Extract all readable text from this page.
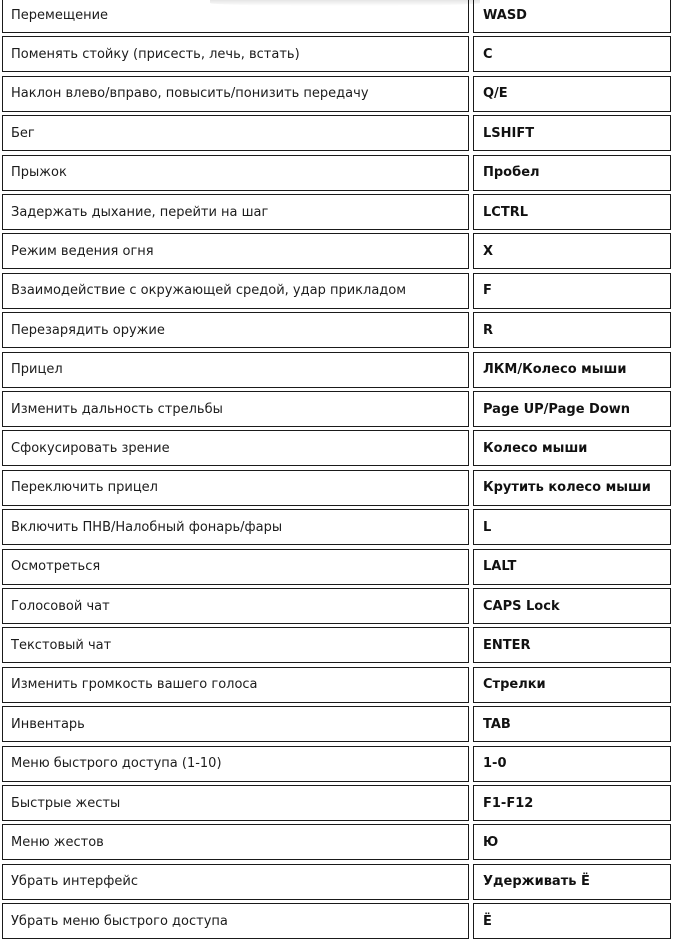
Перемещение	WASD
Поменять стойку (присесть, лечь, встать)	C
Наклон влево/вправо, повысить/понизить передачу	Q/E
Бег	LSHIFT
Прыжок	Пробел
Задержать дыхание, перейти на шаг	LCTRL
Режим ведения огня	X
Взаимодействие с окружающей средой, удар прикладом	F
Перезарядить оружие	R
Прицел	ЛКМ/Колесо мыши
Изменить дальность стрельбы	Page UP/Page Down
Сфокусировать зрение	Колесо мыши
Переключить прицел	Крутить колесо мыши
Включить ПНВ/Налобный фонарь/фары	L
Осмотреться	LALT
Голосовой чат	CAPS Lock
Текстовый чат	ENTER
Изменить громкость вашего голоса	Стрелки
Инвентарь	TAB
Меню быстрого доступа (1-10)	1-0
Быстрые жесты	F1-F12
Меню жестов	Ю
Убрать интерфейс	Удерживать Ё
Убрать меню быстрого доступа	Ё
